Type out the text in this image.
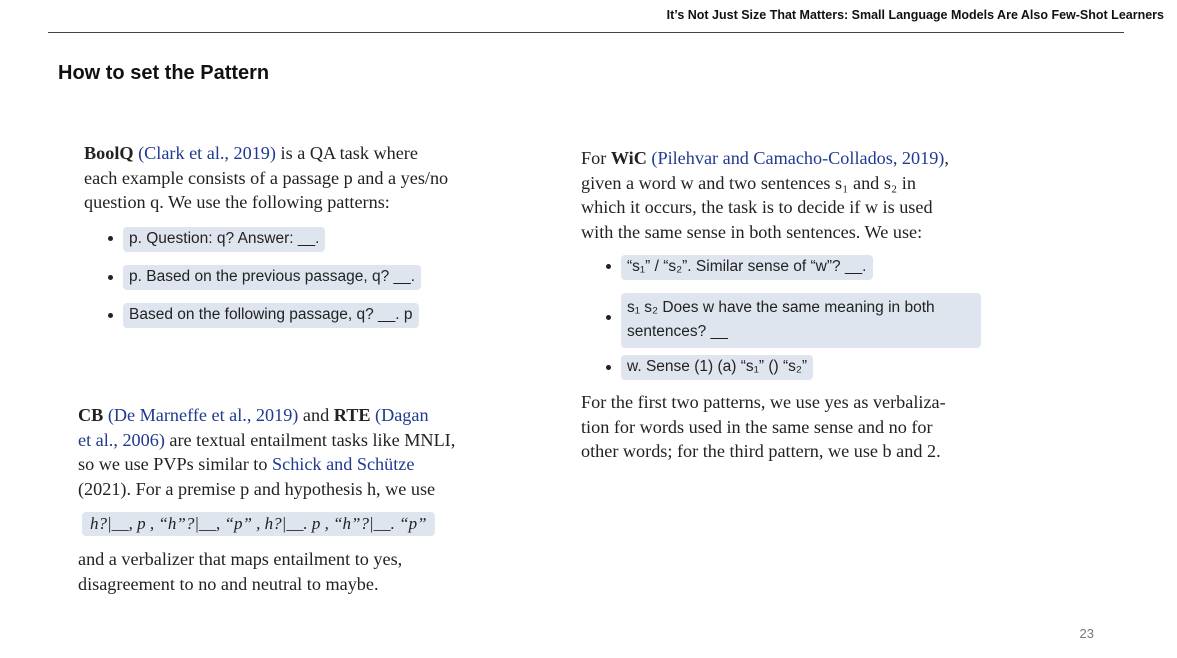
It’s Not Just Size That Matters: Small Language Models Are Also Few-Shot Learners
How to set the Pattern
BoolQ (Clark et al., 2019) is a QA task where
each example consists of a passage p and a yes/no
question q. We use the following patterns:
p. Question: q? Answer: __.
p. Based on the previous passage, q? __.
Based on the following passage, q? __. p
CB (De Marneffe et al., 2019) and RTE (Dagan
et al., 2006) are textual entailment tasks like MNLI,
so we use PVPs similar to Schick and Schütze
(2021). For a premise p and hypothesis h, we use
h?|__, p , “h”?|__, “p” , h?|__. p , “h”?|__. “p”
and a verbalizer that maps entailment to yes,
disagreement to no and neutral to maybe.
For WiC (Pilehvar and Camacho-Collados, 2019),
given a word w and two sentences s₁ and s₂ in
which it occurs, the task is to decide if w is used
with the same sense in both sentences. We use:
“s₁” / “s₂”. Similar sense of “w”? __.
s₁ s₂ Does w have the same meaning in both
sentences? __
w. Sense (1) (a) “s₁” () “s₂”
For the first two patterns, we use yes as verbaliza-
tion for words used in the same sense and no for
other words; for the third pattern, we use b and 2.
23
